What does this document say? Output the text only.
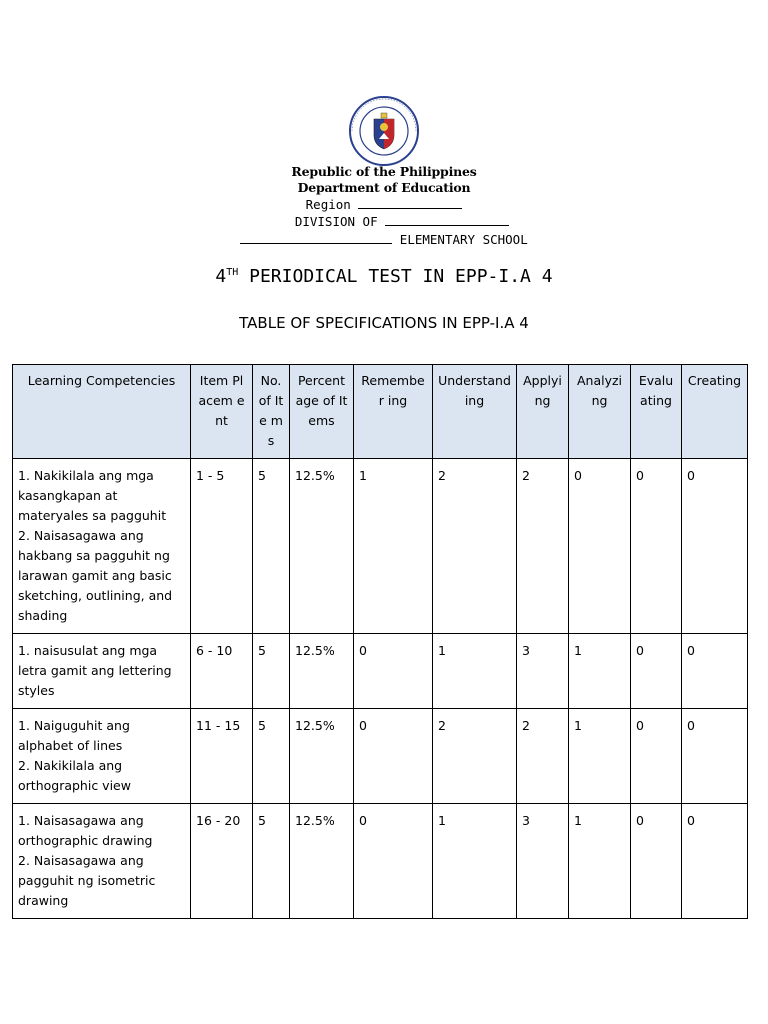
Republic of the Philippines
Department of Education
Region
DIVISION OF
ELEMENTARY SCHOOL
4TH PERIODICAL TEST IN EPP-I.A 4
TABLE OF SPECIFICATIONS IN EPP-I.A 4
Learning Competencies	Item Placem ent	No. of Ite ms	Percent age of Items	Remember ing	Understand ing	Applyi ng	Analyzi ng	Evalu ating	Creating

1. Nakikilala ang mga kasangkapan at materyales sa pagguhit
2. Naisasagawa ang hakbang sa pagguhit ng larawan gamit ang basic sketching, outlining, and shading	1 - 5	5	12.5%	1	2	2	0	0	0

1. naisusulat ang mga letra gamit ang lettering styles	6 - 10	5	12.5%	0	1	3	1	0	0

1. Naiguguhit ang alphabet of lines
2. Nakikilala ang orthographic view	11 - 15	5	12.5%	0	2	2	1	0	0

1. Naisasagawa ang orthographic drawing
2. Naisasagawa ang pagguhit ng isometric drawing	16 - 20	5	12.5%	0	1	3	1	0	0
